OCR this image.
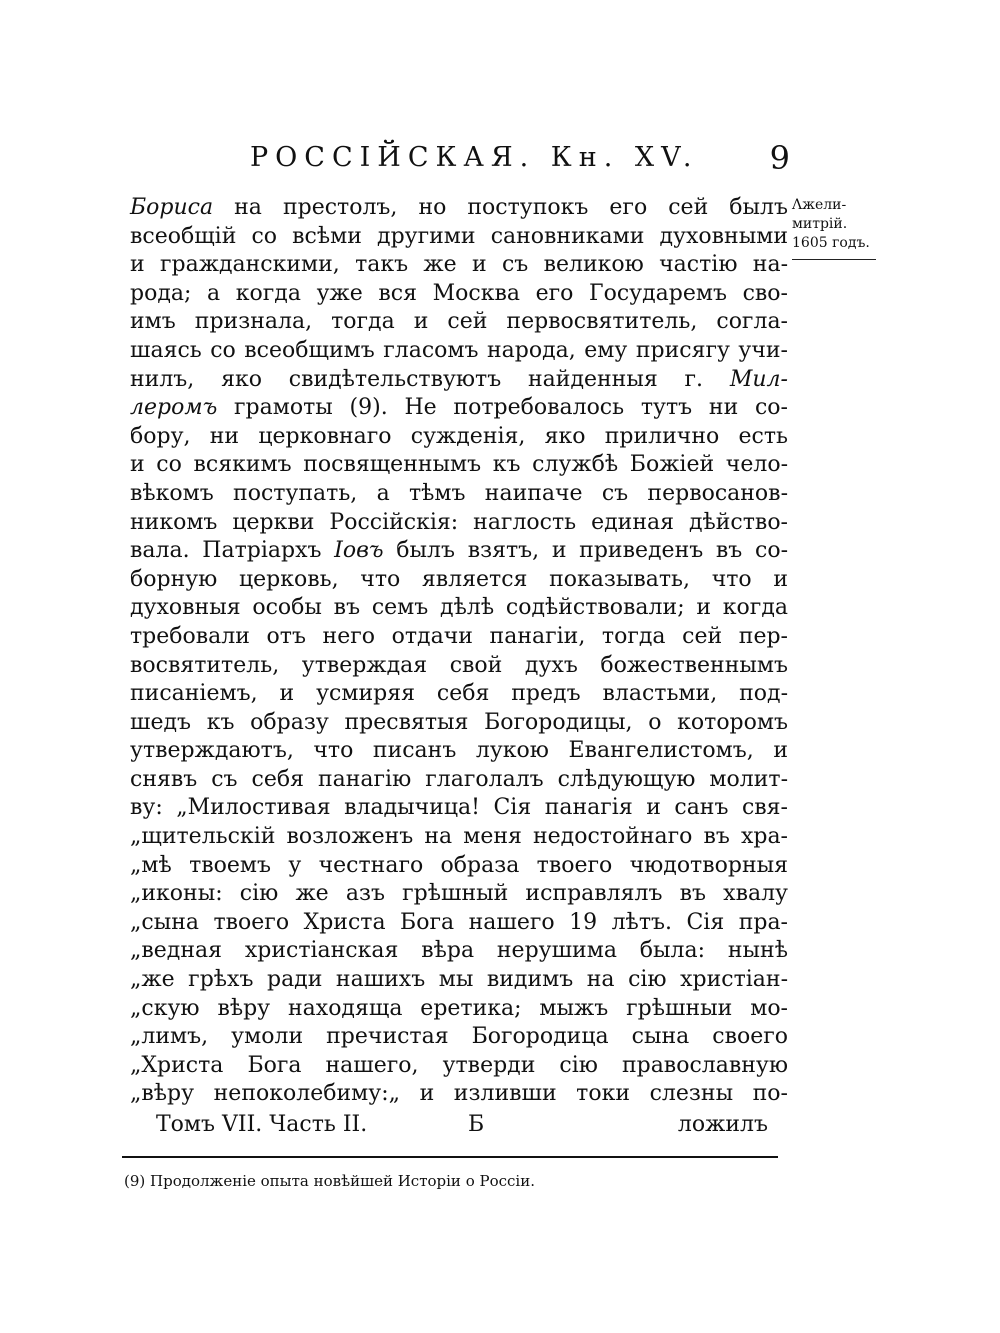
РОССІЙСКАЯ. Кн. XV. 9
Λжели-
митрій.
1605 годъ.
Бориса на престолъ, но поступокъ его сей былъ
всеобщій со всѣми другими сановниками духовными
и гражданскими, такъ же и съ великою частію на-
рода; а когда уже вся Москва его Государемъ сво-
имъ признала, тогда и сей первосвятитель, согла-
шаясь со всеобщимъ гласомъ народа, ему присягу учи-
нилъ, яко свидѣтельствуютъ найденныя г. Мил-
леромъ грамоты (9). Не потребовалось тутъ ни со-
бору, ни церковнаго сужденія, яко прилично есть
и со всякимъ посвященнымъ къ службѣ Божіей чело-
вѣкомъ поступать, а тѣмъ наипаче съ первосанов-
никомъ церкви Россійскія: наглость единая дѣйство-
вала. Патріархъ Іовъ былъ взятъ, и приведенъ въ со-
борную церковь, что является показывать, что и
духовныя особы въ семъ дѣлѣ содѣйствовали; и когда
требовали отъ него отдачи панагіи, тогда сей пер-
восвятитель, утверждая свой духъ божественнымъ
писаніемъ, и усмиряя себя предъ властьми, под-
шедъ къ образу пресвятыя Богородицы, о которомъ
утверждаютъ, что писанъ лукою Евангелистомъ, и
снявъ съ себя панагію глаголалъ слѣдующую молит-
ву: „Милостивая владычица! Сія панагія и санъ свя-
„щительскій возложенъ на меня недостойнаго въ хра-
„мѣ твоемъ у честнаго образа твоего чюдотворныя
„иконы: сію же азъ грѣшный исправлялъ въ хвалу
„сына твоего Христа Бога нашего 19 лѣтъ. Сія пра-
„ведная христіанская вѣра нерушима была: нынѣ
„же грѣхъ ради нашихъ мы видимъ на сію христіан-
„скую вѣру находяща еретика; мыжъ грѣшныи мо-
„лимъ, умоли пречистая Богородица сына своего
„Христа Бога нашего, утверди сію православную
„вѣру непоколебиму:„ и изливши токи слезны по-
Томъ VII. Часть II.	Б	ложилъ
(9) Продолженіе опыта новѣйшей Исторіи о Россіи.
